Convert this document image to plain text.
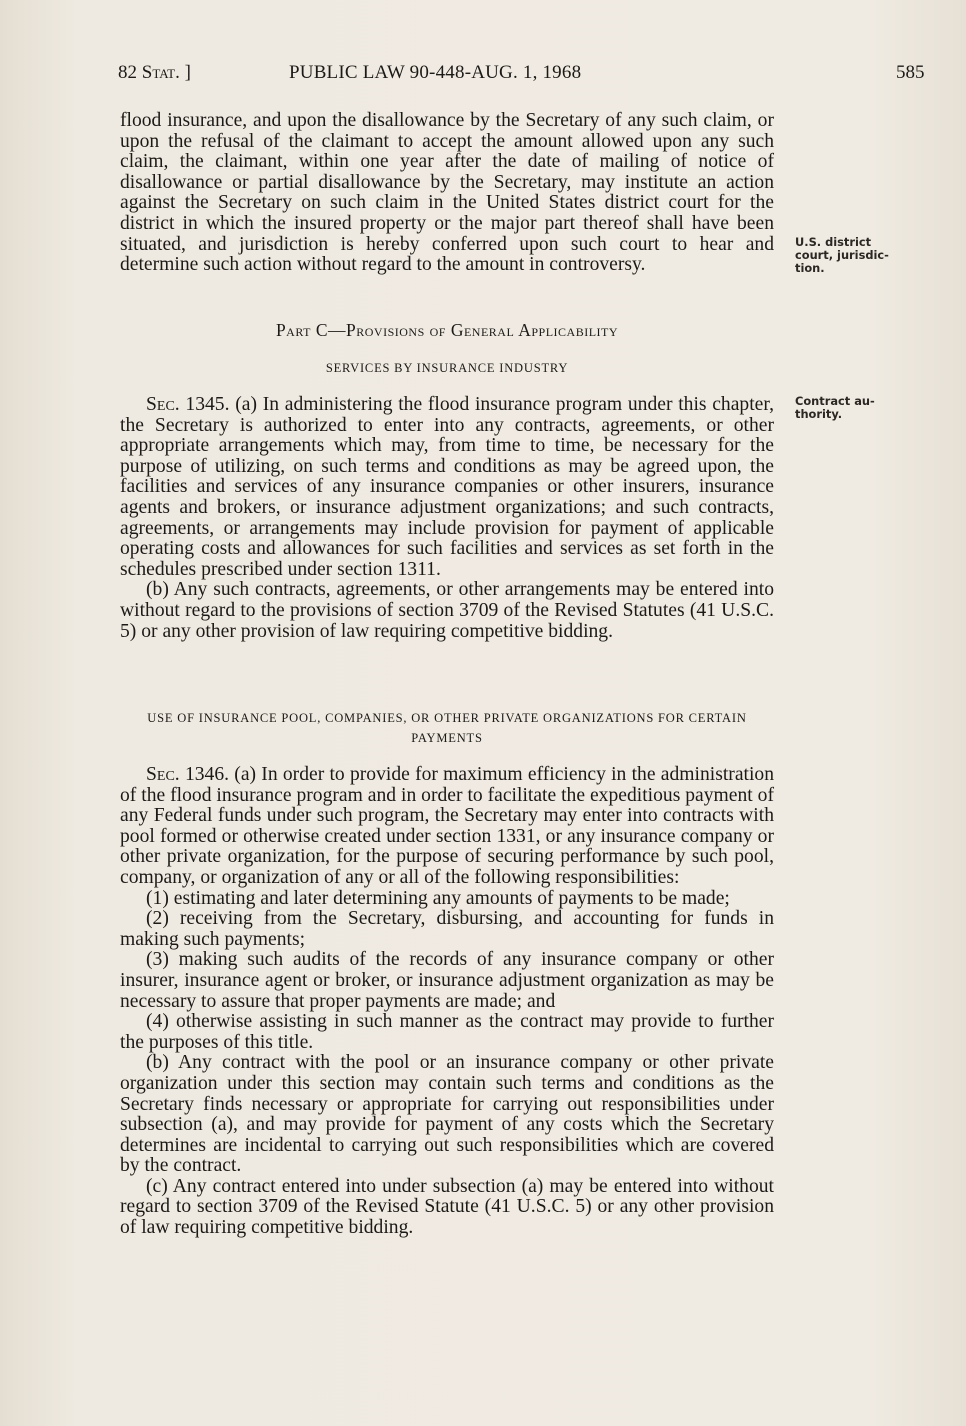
82 Stat. ]	PUBLIC LAW 90-448-AUG. 1, 1968	585

flood insurance, and upon the disallowance by the Secretary of any such claim, or upon the refusal of the claimant to accept the amount allowed upon any such claim, the claimant, within one year after the date of mailing of notice of disallowance or partial disallowance by the Secretary, may institute an action against the Secretary on such claim in the United States district court for the district in which the insured property or the major part thereof shall have been situated, and jurisdiction is hereby conferred upon such court to hear and determine such action without regard to the amount in controversy.

U.S. district court, jurisdic- tion.
Part C—Provisions of General Applicability
SERVICES BY INSURANCE INDUSTRY

Sec. 1345. (a) In administering the flood insurance program under this chapter, the Secretary is authorized to enter into any contracts, agreements, or other appropriate arrangements which may, from time to time, be necessary for the purpose of utilizing, on such terms and conditions as may be agreed upon, the facilities and services of any insurance companies or other insurers, insurance agents and brokers, or insurance adjustment organizations; and such contracts, agreements, or arrangements may include provision for payment of applicable operating costs and allowances for such facilities and services as set forth in the schedules prescribed under section 1311.

(b) Any such contracts, agreements, or other arrangements may be entered into without regard to the provisions of section 3709 of the Revised Statutes (41 U.S.C. 5) or any other provision of law requiring competitive bidding.

Contract au- thority.
USE OF INSURANCE POOL, COMPANIES, OR OTHER PRIVATE ORGANIZATIONS FOR CERTAIN PAYMENTS

Sec. 1346. (a) In order to provide for maximum efficiency in the administration of the flood insurance program and in order to facilitate the expeditious payment of any Federal funds under such program, the Secretary may enter into contracts with pool formed or otherwise created under section 1331, or any insurance company or other private organization, for the purpose of securing performance by such pool, company, or organization of any or all of the following responsibilities:

(1) estimating and later determining any amounts of payments to be made;

(2) receiving from the Secretary, disbursing, and accounting for funds in making such payments;

(3) making such audits of the records of any insurance company or other insurer, insurance agent or broker, or insurance adjustment organization as may be necessary to assure that proper payments are made; and

(4) otherwise assisting in such manner as the contract may provide to further the purposes of this title.

(b) Any contract with the pool or an insurance company or other private organization under this section may contain such terms and conditions as the Secretary finds necessary or appropriate for carrying out responsibilities under subsection (a), and may provide for payment of any costs which the Secretary determines are incidental to carrying out such responsibilities which are covered by the contract.

(c) Any contract entered into under subsection (a) may be entered into without regard to section 3709 of the Revised Statute (41 U.S.C. 5) or any other provision of law requiring competitive bidding.
